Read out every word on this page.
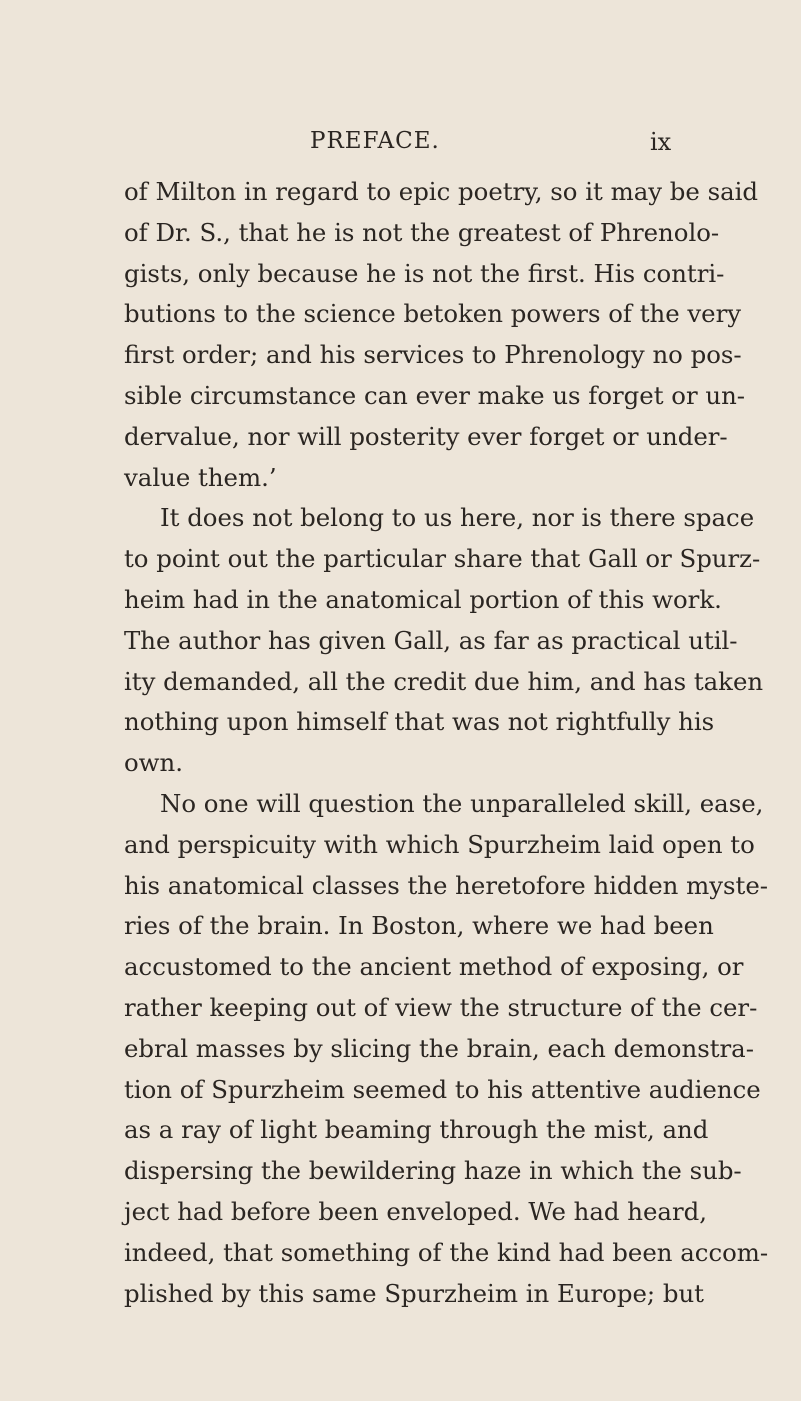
PREFACE.	ix
of Milton in regard to epic poetry, so it may be said
of Dr. S., that he is not the greatest of Phrenolo-
gists, only because he is not the first. His contri-
butions to the science betoken powers of the very
first order; and his services to Phrenology no pos-
sible circumstance can ever make us forget or un-
dervalue, nor will posterity ever forget or under-
value them.’
It does not belong to us here, nor is there space
to point out the particular share that Gall or Spurz-
heim had in the anatomical portion of this work.
The author has given Gall, as far as practical util-
ity demanded, all the credit due him, and has taken
nothing upon himself that was not rightfully his
own.
No one will question the unparalleled skill, ease,
and perspicuity with which Spurzheim laid open to
his anatomical classes the heretofore hidden myste-
ries of the brain. In Boston, where we had been
accustomed to the ancient method of exposing, or
rather keeping out of view the structure of the cer-
ebral masses by slicing the brain, each demonstra-
tion of Spurzheim seemed to his attentive audience
as a ray of light beaming through the mist, and
dispersing the bewildering haze in which the sub-
ject had before been enveloped. We had heard,
indeed, that something of the kind had been accom-
plished by this same Spurzheim in Europe; but
